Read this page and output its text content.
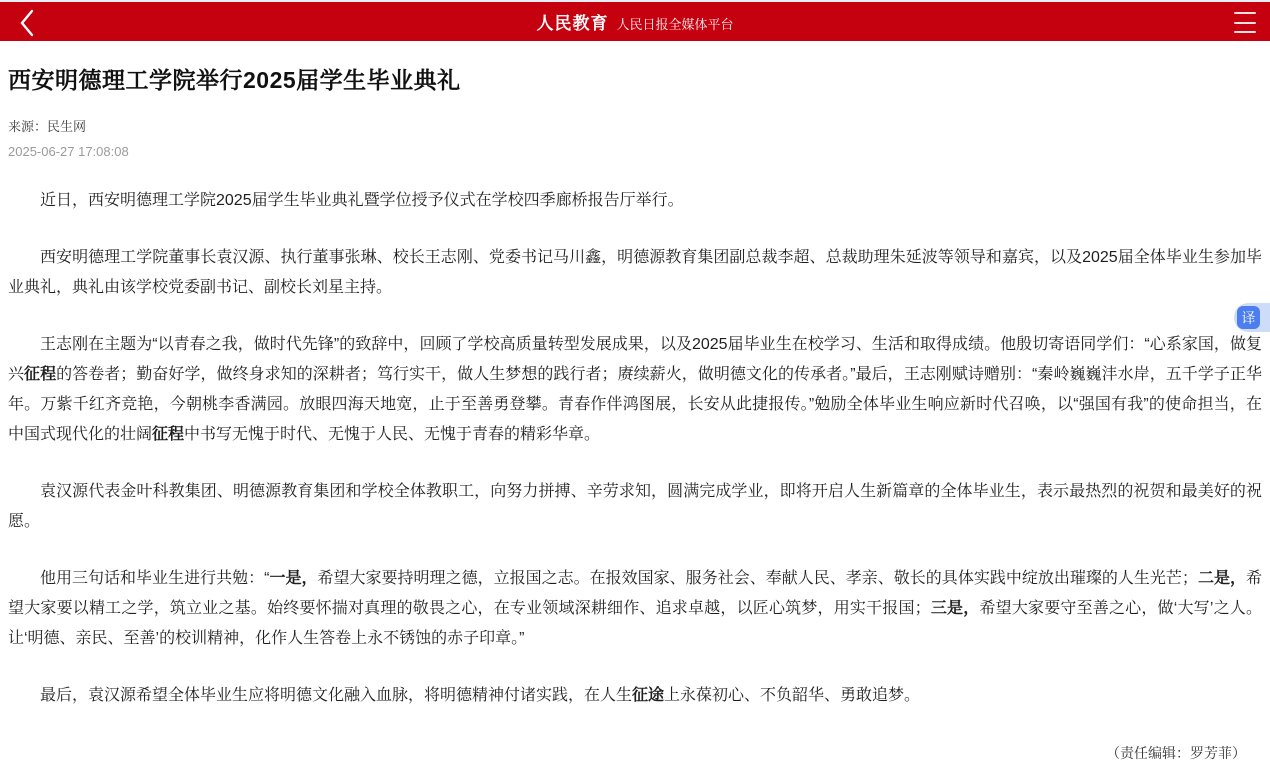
人民教育 人民日报全媒体平台
西安明德理工学院举行2025届学生毕业典礼
来源：民生网
2025-06-27 17:08:08

近日，西安明德理工学院2025届学生毕业典礼暨学位授予仪式在学校四季廊桥报告厅举行。

西安明德理工学院董事长袁汉源、执行董事张琳、校长王志刚、党委书记马川鑫，明德源教育集团副总裁李超、总裁助理朱延波等领导和嘉宾，以及2025届全体毕业生参加毕业典礼，典礼由该学校党委副书记、副校长刘星主持。

王志刚在主题为“以青春之我，做时代先锋”的致辞中，回顾了学校高质量转型发展成果，以及2025届毕业生在校学习、生活和取得成绩。他殷切寄语同学们：“心系家国，做复兴征程的答卷者；勤奋好学，做终身求知的深耕者；笃行实干，做人生梦想的践行者；赓续薪火，做明德文化的传承者。”最后，王志刚赋诗赠别：“秦岭巍巍沣水岸，五千学子正华年。万紫千红齐竞艳，今朝桃李香满园。放眼四海天地宽，止于至善勇登攀。青春作伴鸿图展，长安从此捷报传。”勉励全体毕业生响应新时代召唤，以“强国有我”的使命担当，在中国式现代化的壮阔征程中书写无愧于时代、无愧于人民、无愧于青春的精彩华章。

袁汉源代表金叶科教集团、明德源教育集团和学校全体教职工，向努力拼搏、辛劳求知，圆满完成学业，即将开启人生新篇章的全体毕业生，表示最热烈的祝贺和最美好的祝愿。

他用三句话和毕业生进行共勉：“一是，希望大家要持明理之德，立报国之志。在报效国家、服务社会、奉献人民、孝亲、敬长的具体实践中绽放出璀璨的人生光芒；二是，希望大家要以精工之学，筑立业之基。始终要怀揣对真理的敬畏之心，在专业领域深耕细作、追求卓越，以匠心筑梦，用实干报国；三是，希望大家要守至善之心，做‘大写’之人。让‘明德、亲民、至善’的校训精神，化作人生答卷上永不锈蚀的赤子印章。”

最后，袁汉源希望全体毕业生应将明德文化融入血脉，将明德精神付诸实践，在人生征途上永葆初心、不负韶华、勇敢追梦。

（责任编辑：罗芳菲）
译
